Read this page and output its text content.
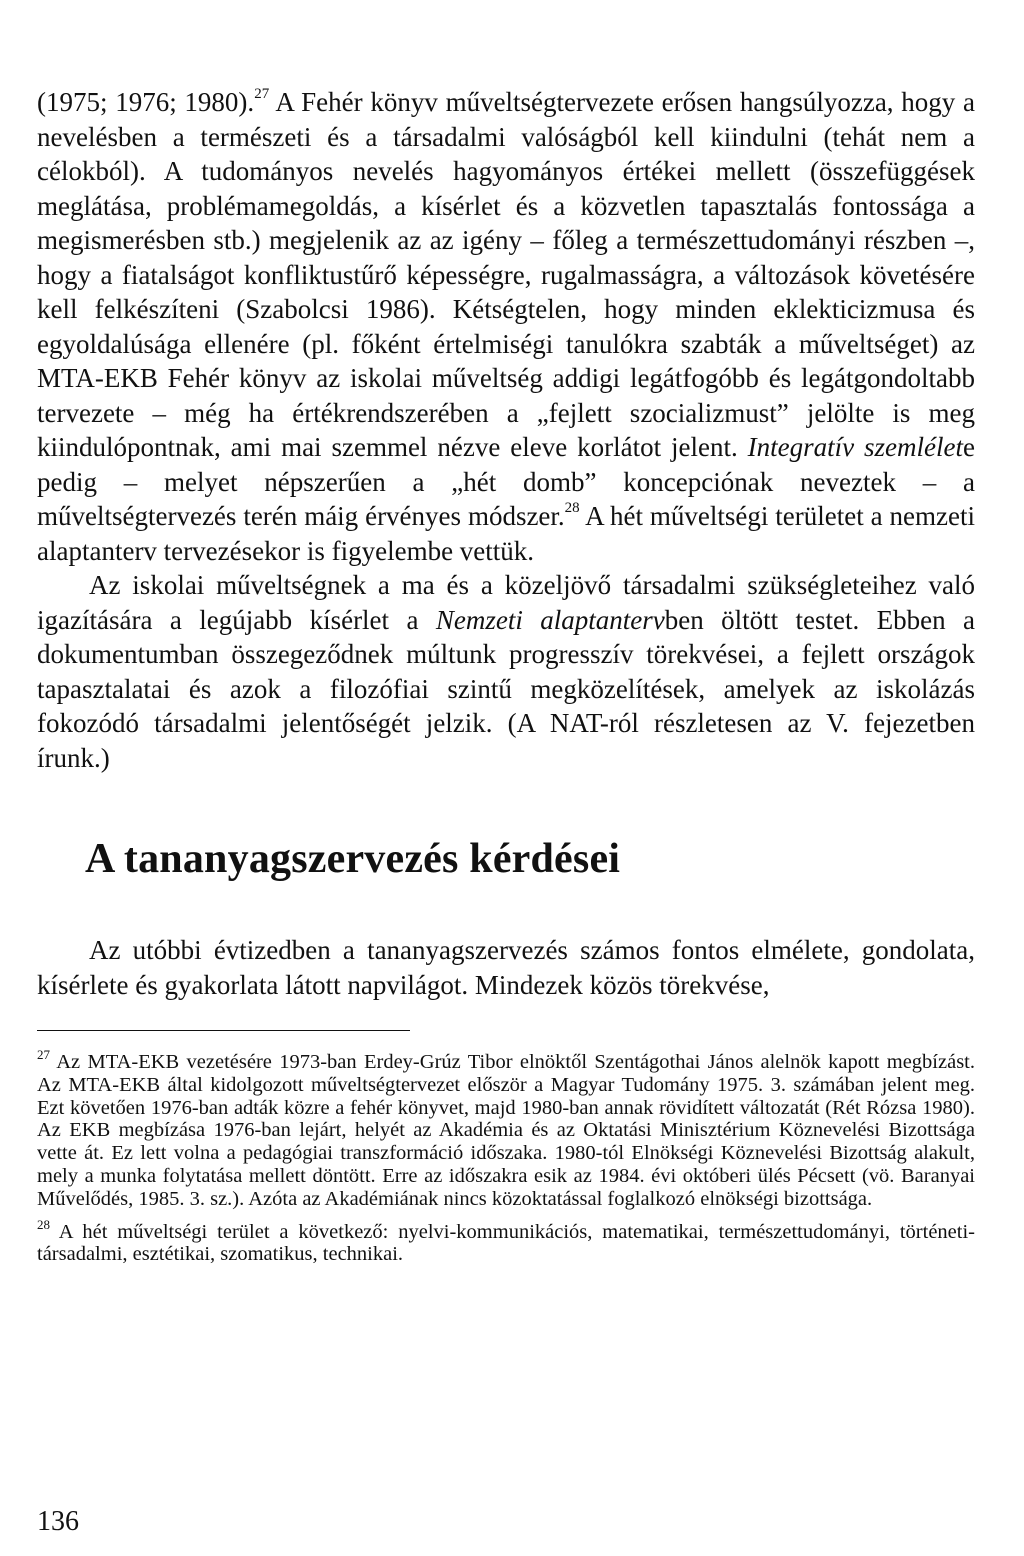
(1975; 1976; 1980).$^{27}$ A Fehér könyv műveltségtervezete erősen hangsúlyozza, hogy a nevelésben a természeti és a társadalmi valóságból kell kiindulni (tehát nem a célokból). A tudományos nevelés hagyományos értékei mellett (összefüggések meglátása, problémamegoldás, a kísérlet és a közvetlen tapasztalás fontossága a megismerésben stb.) megjelenik az az igény – főleg a természettudományi részben –, hogy a fiatalságot konfliktustűrő képességre, rugalmasságra, a változások követésére kell felkészíteni (Szabolcsi 1986). Kétségtelen, hogy minden eklekticizmusa és egyoldalúsága ellenére (pl. főként értelmiségi tanulókra szabták a műveltséget) az MTA-EKB Fehér könyv az iskolai műveltség addigi legátfogóbb és legátgondoltabb tervezete – még ha értékrendszerében a „fejlett szocializmust” jelölte is meg kiindulópontnak, ami mai szemmel nézve eleve korlátot jelent. Integratív szemlélete pedig – melyet népszerűen a „hét domb” koncepciónak neveztek – a műveltségtervezés terén máig érvényes módszer.$^{28}$ A hét műveltségi területet a nemzeti alaptanterv tervezésekor is figyelembe vettük.

Az iskolai műveltségnek a ma és a közeljövő társadalmi szükségleteihez való igazítására a legújabb kísérlet a Nemzeti alaptantervben öltött testet. Ebben a dokumentumban összegeződnek múltunk progresszív törekvései, a fejlett országok tapasztalatai és azok a filozófiai szintű megközelítések, amelyek az iskolázás fokozódó társadalmi jelentőségét jelzik. (A NAT-ról részletesen az V. fejezetben írunk.)

A tananyagszervezés kérdései

Az utóbbi évtizedben a tananyagszervezés számos fontos elmélete, gondolata, kísérlete és gyakorlata látott napvilágot. Mindezek közös törekvése,

$^{27}$ Az MTA-EKB vezetésére 1973-ban Erdey-Grúz Tibor elnöktől Szentágothai János alelnök kapott megbízást. Az MTA-EKB által kidolgozott műveltségtervezet először a Magyar Tudomány 1975. 3. számában jelent meg. Ezt követően 1976-ban adták közre a fehér könyvet, majd 1980-ban annak rövidített változatát (Rét Rózsa 1980). Az EKB megbízása 1976-ban lejárt, helyét az Akadémia és az Oktatási Minisztérium Köznevelési Bizottsága vette át. Ez lett volna a pedagógiai transzformáció időszaka. 1980-tól Elnökségi Köznevelési Bizottság alakult, mely a munka folytatása mellett döntött. Erre az időszakra esik az 1984. évi októberi ülés Pécsett (vö. Baranyai Művelődés, 1985. 3. sz.). Azóta az Akadémiának nincs közoktatással foglalkozó elnökségi bizottsága.

$^{28}$ A hét műveltségi terület a következő: nyelvi-kommunikációs, matematikai, természettudományi, történeti-társadalmi, esztétikai, szomatikus, technikai.

136
